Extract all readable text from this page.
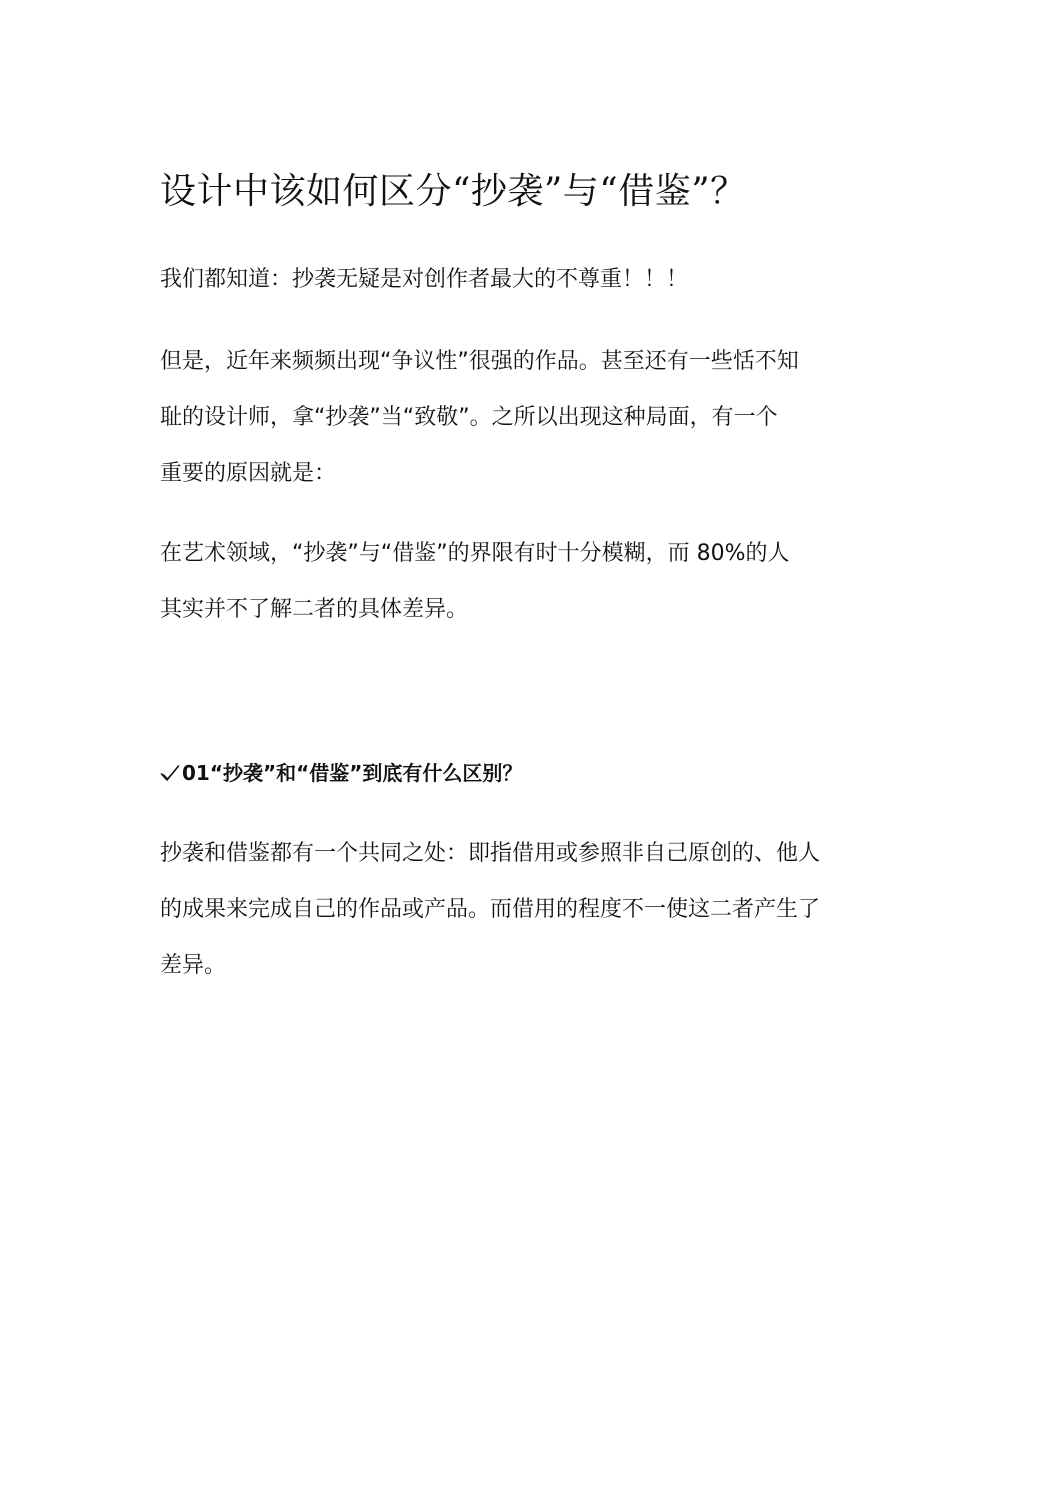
设计中该如何区分“抄袭”与“借鉴”？

我们都知道：抄袭无疑是对创作者最大的不尊重！！！

但是，近年来频频出现“争议性”很强的作品。甚至还有一些恬不知
耻的设计师，拿“抄袭”当“致敬”。之所以出现这种局面，有一个
重要的原因就是：

在艺术领域，“抄袭”与“借鉴”的界限有时十分模糊，而 80%的人
其实并不了解二者的具体差异。

01“抄袭”和“借鉴”到底有什么区别？

抄袭和借鉴都有一个共同之处：即指借用或参照非自己原创的、他人
的成果来完成自己的作品或产品。而借用的程度不一使这二者产生了
差异。
